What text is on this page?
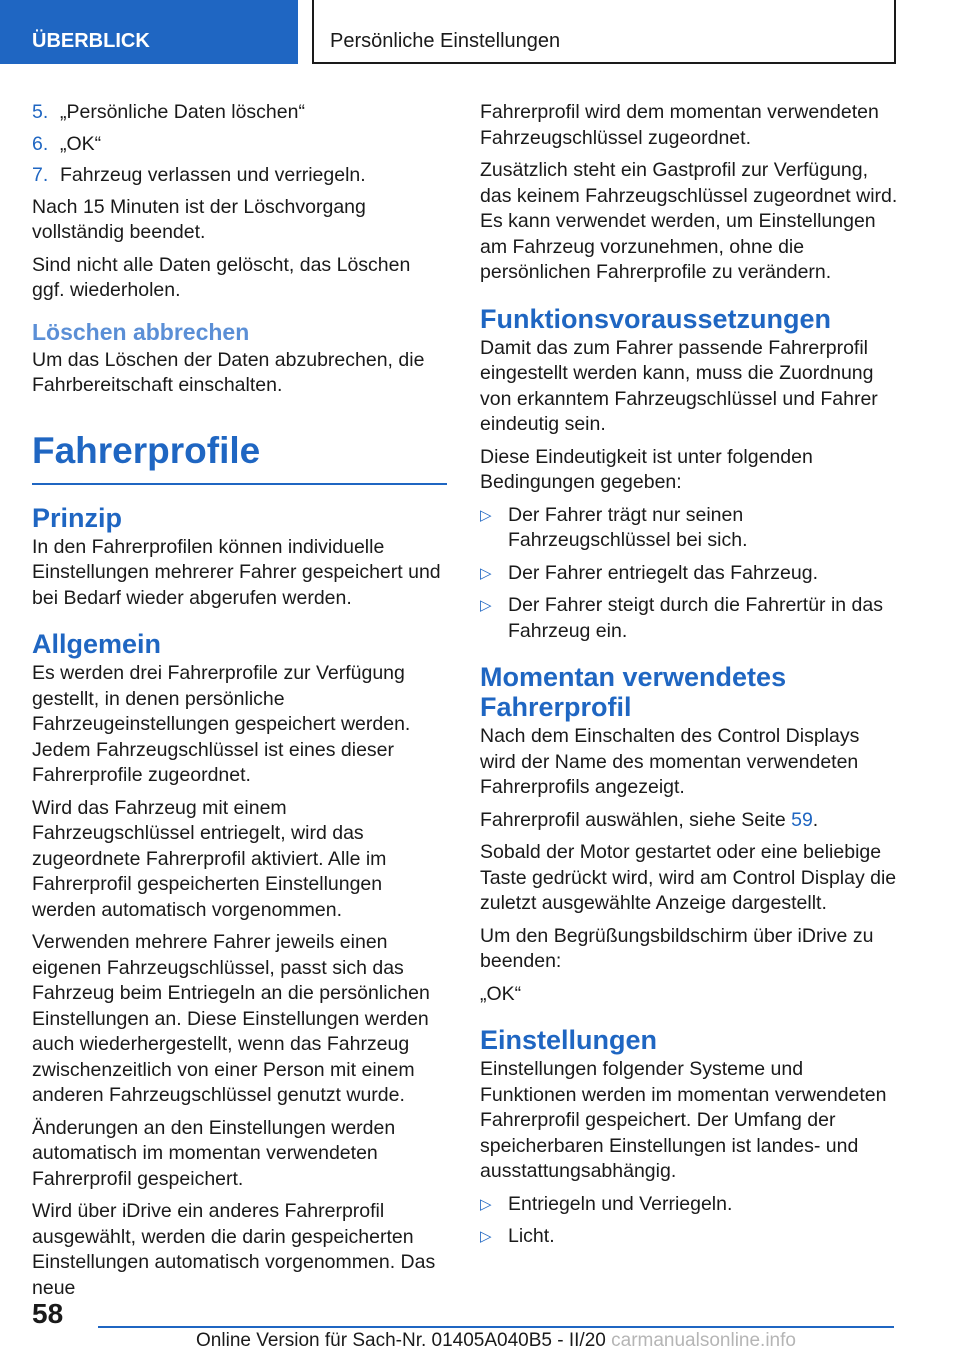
ÜBERBLICK	Persönliche Einstellungen
5. „Persönliche Daten löschen“
6. „OK“
7. Fahrzeug verlassen und verriegeln.

Nach 15 Minuten ist der Löschvorgang vollständig beendet.

Sind nicht alle Daten gelöscht, das Löschen ggf. wiederholen.

Löschen abbrechen

Um das Löschen der Daten abzubrechen, die Fahrbereitschaft einschalten.

Fahrerprofile
Prinzip

In den Fahrerprofilen können individuelle Einstellungen mehrerer Fahrer gespeichert und bei Bedarf wieder abgerufen werden.

Allgemein

Es werden drei Fahrerprofile zur Verfügung gestellt, in denen persönliche Fahrzeugeinstellungen gespeichert werden. Jedem Fahrzeugschlüssel ist eines dieser Fahrerprofile zugeordnet.

Wird das Fahrzeug mit einem Fahrzeugschlüssel entriegelt, wird das zugeordnete Fahrerprofil aktiviert. Alle im Fahrerprofil gespeicherten Einstellungen werden automatisch vorgenommen.

Verwenden mehrere Fahrer jeweils einen eigenen Fahrzeugschlüssel, passt sich das Fahrzeug beim Entriegeln an die persönlichen Einstellungen an. Diese Einstellungen werden auch wiederhergestellt, wenn das Fahrzeug zwischenzeitlich von einer Person mit einem anderen Fahrzeugschlüssel genutzt wurde.

Änderungen an den Einstellungen werden automatisch im momentan verwendeten Fahrerprofil gespeichert.

Wird über iDrive ein anderes Fahrerprofil ausgewählt, werden die darin gespeicherten Einstellungen automatisch vorgenommen. Das neue

Fahrerprofil wird dem momentan verwendeten Fahrzeugschlüssel zugeordnet.

Zusätzlich steht ein Gastprofil zur Verfügung, das keinem Fahrzeugschlüssel zugeordnet wird. Es kann verwendet werden, um Einstellungen am Fahrzeug vorzunehmen, ohne die persönlichen Fahrerprofile zu verändern.

Funktionsvoraussetzungen

Damit das zum Fahrer passende Fahrerprofil eingestellt werden kann, muss die Zuordnung von erkanntem Fahrzeugschlüssel und Fahrer eindeutig sein.

Diese Eindeutigkeit ist unter folgenden Bedingungen gegeben:

▷ Der Fahrer trägt nur seinen Fahrzeugschlüssel bei sich.
▷ Der Fahrer entriegelt das Fahrzeug.
▷ Der Fahrer steigt durch die Fahrertür in das Fahrzeug ein.
Momentan verwendetes Fahrerprofil

Nach dem Einschalten des Control Displays wird der Name des momentan verwendeten Fahrerprofils angezeigt.

Fahrerprofil auswählen, siehe Seite 59.

Sobald der Motor gestartet oder eine beliebige Taste gedrückt wird, wird am Control Display die zuletzt ausgewählte Anzeige dargestellt.

Um den Begrüßungsbildschirm über iDrive zu beenden:

„OK“

Einstellungen

Einstellungen folgender Systeme und Funktionen werden im momentan verwendeten Fahrerprofil gespeichert. Der Umfang der speicherbaren Einstellungen ist landes- und ausstattungsabhängig.

▷ Entriegeln und Verriegeln.
▷ Licht.
58
Online Version für Sach-Nr. 01405A040B5 - II/20 carmanualsonline.info
